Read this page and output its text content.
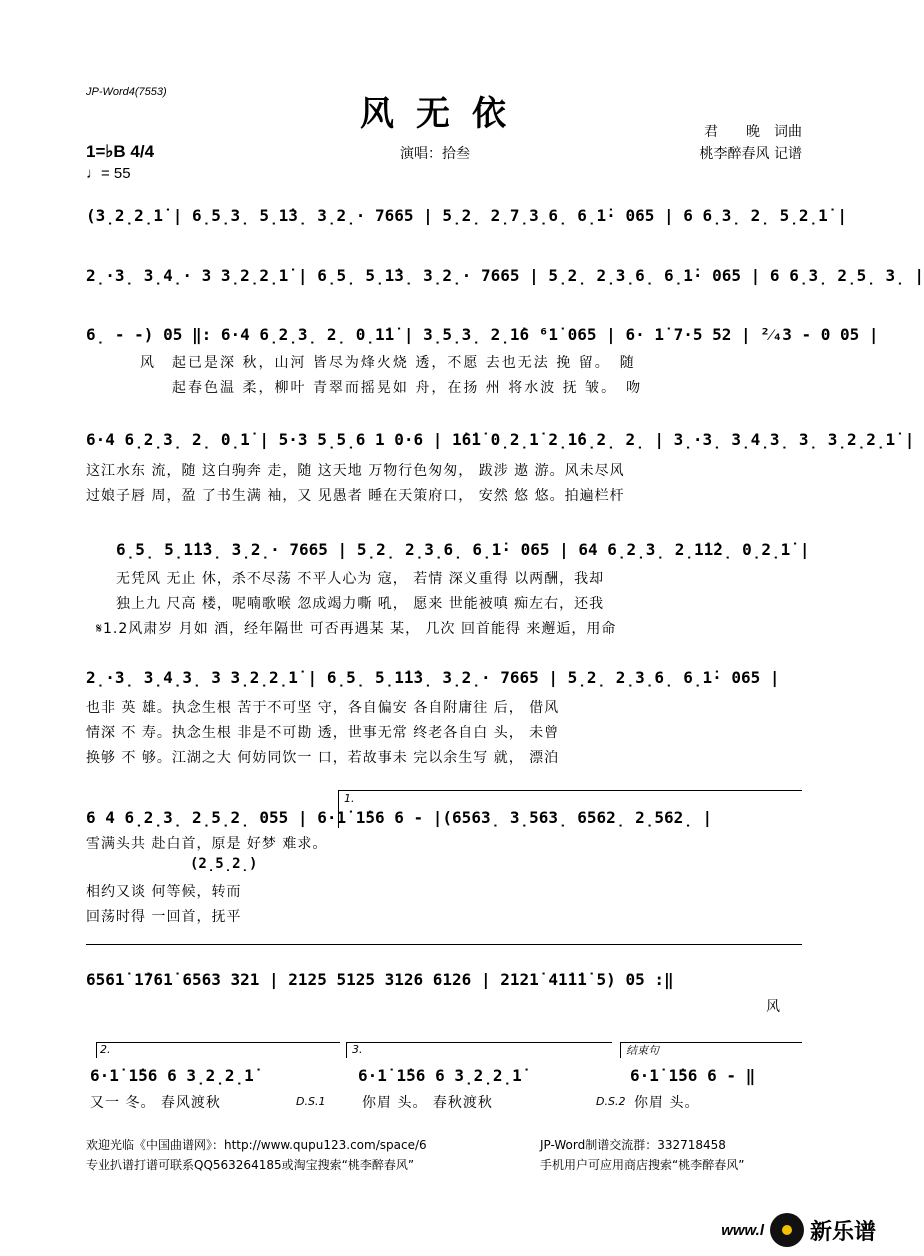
JP-Word4(7553)
风无依
1=♭B 4/4
♩= 55
演唱：拾叁
君　　晚　词曲
桃李醉春风 记谱
(3̣2̣2̣1̇ | 6̣5̣3̣ 5̣1̇3̣ 3̣2̣· 7665 | 5̣2̣ 2̣7̣3̣6̣ 6̣1̇· 065 | 6 6̣3̣ 2̣ 5̣2̣1̇ |
2̣·3̣ 3̣4̣· 3 3̣2̣2̣1̇ | 6̣5̣ 5̣1̇3̣ 3̣2̣· 7665 | 5̣2̣ 2̣3̣6̣ 6̣1̇· 065 | 6 6̣3̣ 2̣5̣ 3̣ |
6̣ - -) 05 ‖: 6·4 6̣2̣3̣ 2̣ 0̣1̇1̇ | 3̣5̣3̣ 2̣1̇6 ⁶1̇ 065 | 6· 1̇ 7·5 52 | ²⁄₄3 - 0 05 |
风　起已是深 秋，山河 皆尽为烽火烧 透，不愿 去也无法 挽 留。　随
　　起春色温 柔，柳叶 青翠而摇晃如 舟，在扬 州 将水波 抚 皱。　吻
6·4 6̣2̣3̣ 2̣ 0̣1̇ | 5·3 5̣5̣6 1 0·6 | 1̇6̇1̇ 0̣2̣1̇ 2̣1̇6̣2̣ 2̣ | 3̣·3̣ 3̣4̣3̣ 3̣ 3̣2̣2̣1̇ |
这江水东 流，随 这白驹奔 走，随 这天地 万物行色匆匆， 跋涉 遨 游。风未尽风
过娘子唇 周，盈 了书生满 袖，又 见愚者 睡在天策府口， 安然 悠 悠。拍遍栏杆
6̣5̣ 5̣1̇1̇3̣ 3̣2̣· 7665 | 5̣2̣ 2̣3̣6̣ 6̣1̇· 065 | 64 6̣2̣3̣ 2̣1̇1̇2̣ 0̣2̣1̇ |
无凭风 无止 休，杀不尽荡 不平人心为 寇， 若情 深义重得 以两酬，我却
独上九 尺高 楼，呢喃歌喉 忽成竭力嘶 吼， 愿来 世能被嗔 痴左右，还我
𝄋1.2风肃岁 月如 酒，经年隔世 可否再遇某 某， 几次 回首能得 来邂逅，用命
2̣·3̣ 3̣4̣3̣ 3 3̣2̣2̣1̇ | 6̣5̣ 5̣1̇1̇3̣ 3̣2̣· 7665 | 5̣2̣ 2̣3̣6̣ 6̣1̇· 065 |
也非 英 雄。执念生根 苦于不可坚 守，各自偏安 各自附庸往 后， 借风
情深 不 寿。执念生根 非是不可勘 透，世事无常 终老各自白 头， 未曾
换够 不 够。江湖之大 何妨同饮一 口，若故事未 完以余生写 就， 漂泊
1.
6 4 6̣2̣3̣ 2̣5̣2̣ 055 | 6·1̇ 1̇56 6 - |(6563̣ 3̣563̣ 6562̣ 2̣562̣ |
雪满头共 赴白首，原是 好梦 难求。
(2̣5̣2̣)
相约又谈 何等候，转而
回荡时得 一回首，抚平
6561̇ 1̇761̇ 6563 321 | 2125 5125 3126 6126 | 2121̇ 41̇1̇1̇ 5) 05 :‖
风
2.	3.	结束句
6·1̇ 1̇56 6 3̣2̣2̣1̇	6·1̇ 1̇56 6 3̣2̣2̣1̇	6·1̇ 1̇56 6 - ‖
又一 冬。 春风渡秋	D.S.1	你眉 头。 春秋渡秋	D.S.2 你眉 头。
欢迎光临《中国曲谱网》：http://www.qupu123.com/space/6	JP-Word制谱交流群：332718458
专业扒谱打谱可联系QQ563264185或淘宝搜索“桃李醉春风”	手机用户可应用商店搜索“桃李醉春风”
www.l 新乐谱
